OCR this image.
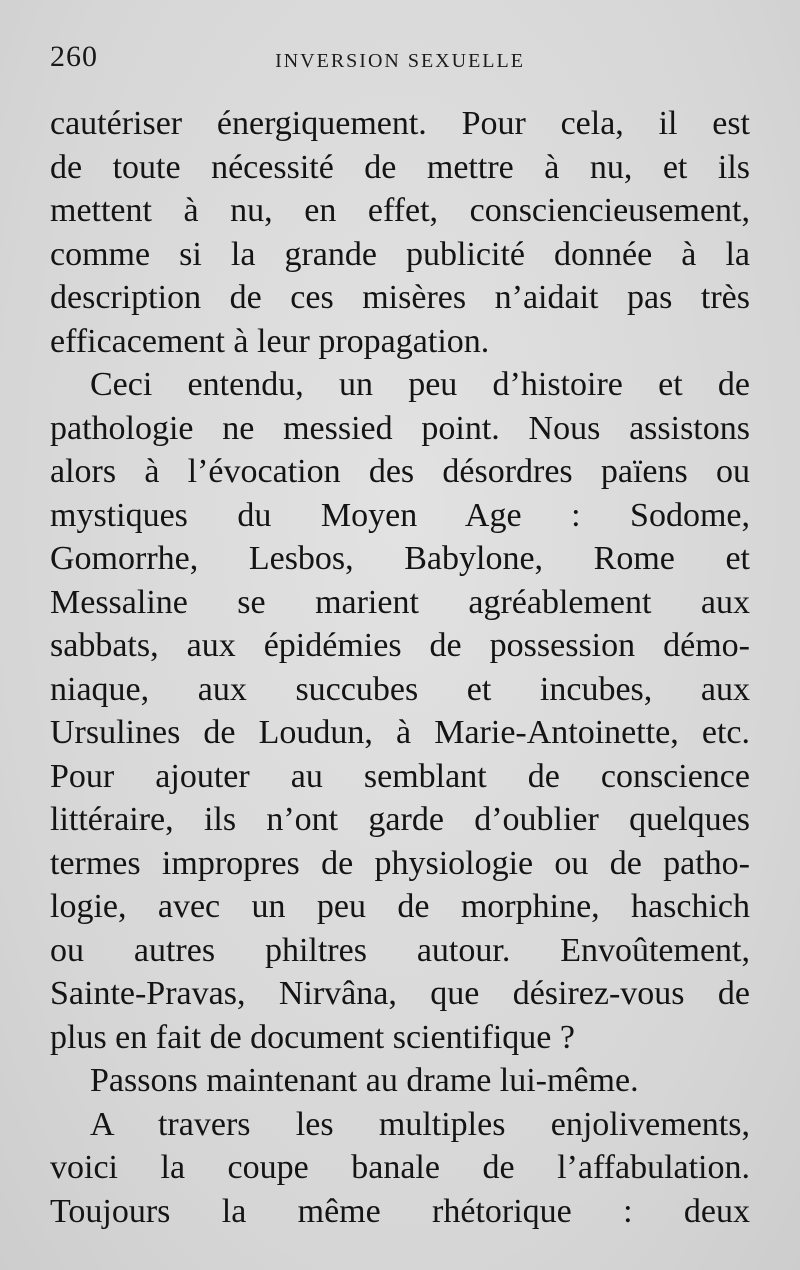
260	INVERSION SEXUELLE
cautériser énergiquement. Pour cela, il est
de toute nécessité de mettre à nu, et ils
mettent à nu, en effet, consciencieusement,
comme si la grande publicité donnée à la
description de ces misères n’aidait pas très
efficacement à leur propagation.
Ceci entendu, un peu d’histoire et de
pathologie ne messied point. Nous assistons
alors à l’évocation des désordres païens ou
mystiques du Moyen Age : Sodome,
Gomorrhe, Lesbos, Babylone, Rome et
Messaline se marient agréablement aux
sabbats, aux épidémies de possession démo-
niaque, aux succubes et incubes, aux
Ursulines de Loudun, à Marie-Antoinette, etc.
Pour ajouter au semblant de conscience
littéraire, ils n’ont garde d’oublier quelques
termes impropres de physiologie ou de patho-
logie, avec un peu de morphine, haschich
ou autres philtres autour. Envoûtement,
Sainte-Pravas, Nirvâna, que désirez-vous de
plus en fait de document scientifique ?
Passons maintenant au drame lui-même.
A travers les multiples enjolivements,
voici la coupe banale de l’affabulation.
Toujours la même rhétorique : deux
